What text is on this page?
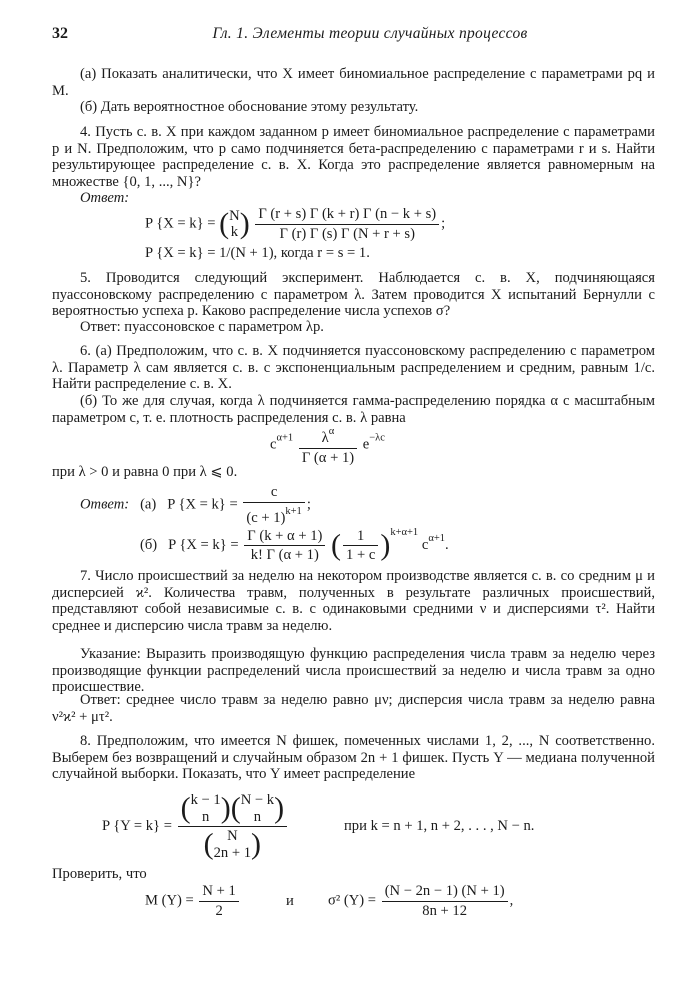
32	Гл. 1. Элементы теории случайных процессов
(а) Показать аналитически, что X имеет биномиальное распределение с параметрами pq и M.
(б) Дать вероятностное обоснование этому результату.
4. Пусть с. в. X при каждом заданном p имеет биномиальное распределение с параметрами p и N. Предположим, что p само подчиняется бета-распределению с параметрами r и s. Найти результирующее распределение с. в. X. Когда это распределение является равномерным на множестве {0, 1, ..., N}?
Ответ:
P {X = k} = ( N
k ) $\frac{\Gamma (r + s) \Gamma (k + r) \Gamma (n - k + s)}{\Gamma (r) \Gamma (s) \Gamma (N + r + s)}$ ;
P {X = k} = 1/(N + 1), когда r = s = 1.
5. Проводится следующий эксперимент. Наблюдается с. в. X, подчиняющаяся пуассоновскому распределению с параметром λ. Затем проводится X испытаний Бернулли с вероятностью успеха p. Каково распределение числа успехов σ?
Ответ: пуассоновское с параметром λp.
6. (а) Предположим, что с. в. X подчиняется пуассоновскому распределению с параметром λ. Параметр λ сам является с. в. с экспоненциальным распределением и средним, равным 1/c. Найти распределение с. в. X.
(б) То же для случая, когда λ подчиняется гамма-распределению порядка α с масштабным параметром c, т. е. плотность распределения с. в. λ равна
$c^{\alpha+1} \frac{\lambda^\alpha}{\Gamma (\alpha + 1)} e^{-\lambda c}$
при λ > 0 и равна 0 при λ ⩽ 0.
Ответ: (а) P $\{X = k\} = \frac{c}{(c + 1)^{k+1}}$ ;
(б) P $\{X = k\} = \frac{\Gamma (k + \alpha + 1)}{k! \Gamma (\alpha + 1)}$ ( $\frac{1}{1 + c} )^{k+\alpha+1}$ $c^{\alpha+1}$.
7. Число происшествий за неделю на некотором производстве является с. в. со средним μ и дисперсией ϰ². Количества травм, полученных в результате различных происшествий, представляют собой независимые с. в. с одинаковыми средними ν и дисперсиями τ². Найти среднее и дисперсию числа травм за неделю.
Указание: Выразить производящую функцию распределения числа травм за неделю через производящие функции распределений числа происшествий за неделю и числа травм за одно происшествие.
Ответ: среднее число травм за неделю равно μν; дисперсия числа травм за неделю равна ν²ϰ² + μτ².
8. Предположим, что имеется N фишек, помеченных числами 1, 2, ..., N соответственно. Выберем без возвращений и случайным образом 2n + 1 фишек. Пусть Y — медиана полученной случайной выборки. Показать, что Y имеет распределение
P {Y = k} = ( k − 1
n )( N − k
n )
( N
2n + 1 )	при k = n + 1, n + 2, . . . , N − n.
Проверить, что
M $(Y) = \frac{N + 1}{2}$	и σ² $(Y) = \frac{(N - 2n - 1) (N + 1)}{8n + 12}$ ,
